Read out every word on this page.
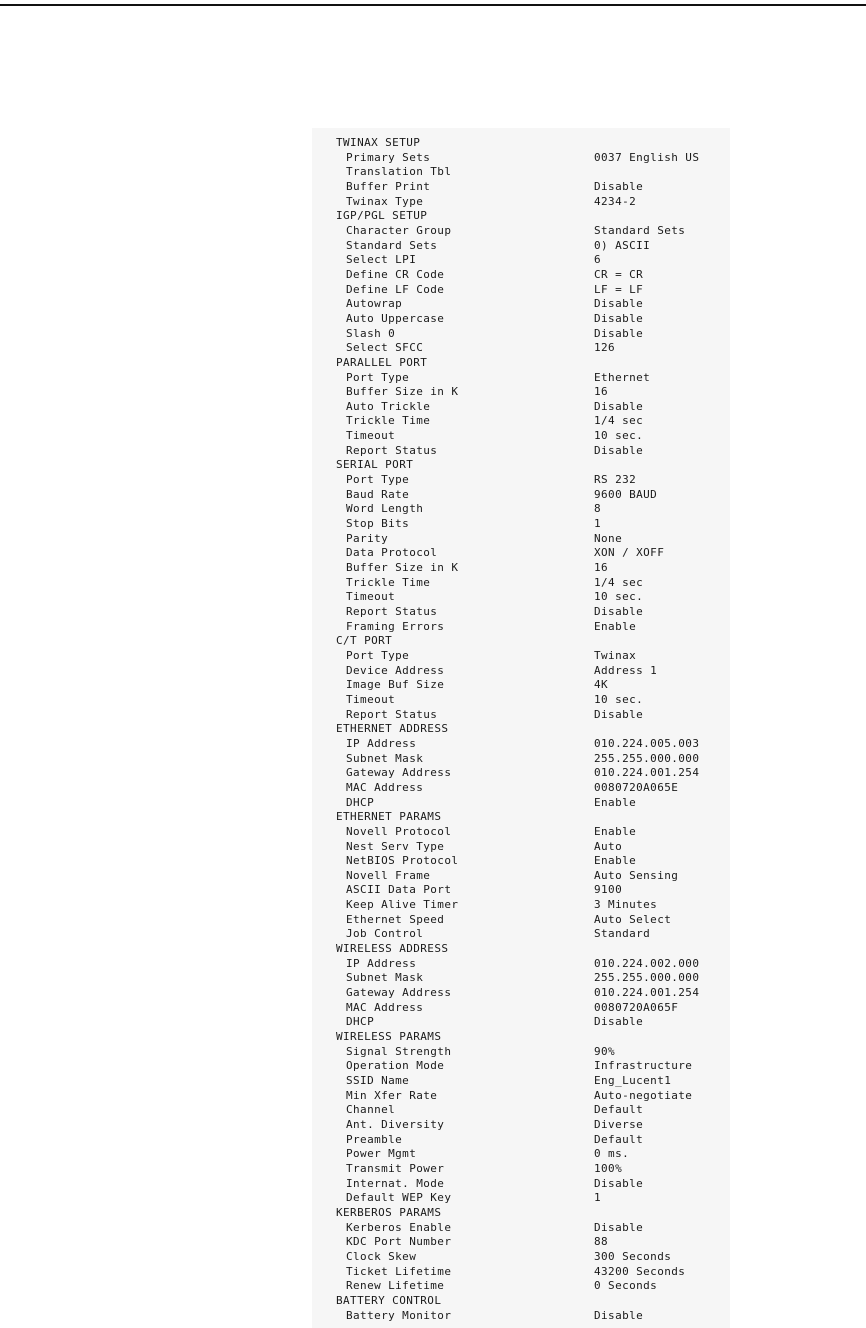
TWINAX SETUP
Primary Sets	0037 English US
Translation Tbl
Buffer Print	Disable
Twinax Type	4234-2
IGP/PGL SETUP
Character Group	Standard Sets
Standard Sets	0) ASCII
Select LPI	6
Define CR Code	CR = CR
Define LF Code	LF = LF
Autowrap	Disable
Auto Uppercase	Disable
Slash 0	Disable
Select SFCC	126
PARALLEL PORT
Port Type	Ethernet
Buffer Size in K	16
Auto Trickle	Disable
Trickle Time	1/4 sec
Timeout	10 sec.
Report Status	Disable
SERIAL PORT
Port Type	RS 232
Baud Rate	9600 BAUD
Word Length	8
Stop Bits	1
Parity	None
Data Protocol	XON / XOFF
Buffer Size in K	16
Trickle Time	1/4 sec
Timeout	10 sec.
Report Status	Disable
Framing Errors	Enable
C/T PORT
Port Type	Twinax
Device Address	Address 1
Image Buf Size	4K
Timeout	10 sec.
Report Status	Disable
ETHERNET ADDRESS
IP Address	010.224.005.003
Subnet Mask	255.255.000.000
Gateway Address	010.224.001.254
MAC Address	0080720A065E
DHCP	Enable
ETHERNET PARAMS
Novell Protocol	Enable
Nest Serv Type	Auto
NetBIOS Protocol	Enable
Novell Frame	Auto Sensing
ASCII Data Port	9100
Keep Alive Timer	3 Minutes
Ethernet Speed	Auto Select
Job Control	Standard
WIRELESS ADDRESS
IP Address	010.224.002.000
Subnet Mask	255.255.000.000
Gateway Address	010.224.001.254
MAC Address	0080720A065F
DHCP	Disable
WIRELESS PARAMS
Signal Strength	90%
Operation Mode	Infrastructure
SSID Name	Eng_Lucent1
Min Xfer Rate	Auto-negotiate
Channel	Default
Ant. Diversity	Diverse
Preamble	Default
Power Mgmt	0 ms.
Transmit Power	100%
Internat. Mode	Disable
Default WEP Key	1
KERBEROS PARAMS
Kerberos Enable	Disable
KDC Port Number	88
Clock Skew	300 Seconds
Ticket Lifetime	43200 Seconds
Renew Lifetime	0 Seconds
BATTERY CONTROL
Battery Monitor	Disable
